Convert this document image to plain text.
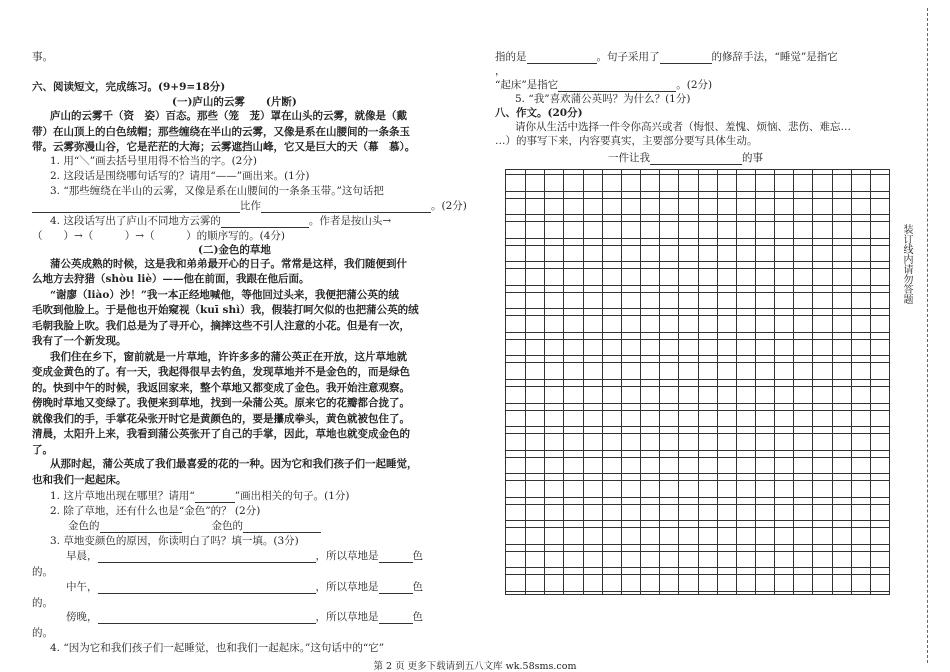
事。
六、阅读短文，完成练习。(9+9=18分)
(一)庐山的云雾　　(片断)
庐山的云雾千（资　姿）百态。那些（笼　茏）罩在山头的云雾，就像是（戴
带）在山顶上的白色绒帽；那些缠绕在半山的云雾，又像是系在山腰间的一条条玉
带。云雾弥漫山谷，它是茫茫的大海；云雾遮挡山峰，它又是巨大的天（幕　慕）。
1. 用“＼”画去括号里用得不恰当的字。(2分)
2. 这段话是围绕哪句话写的？请用“——”画出来。(1分)
3. “那些缠绕在半山的云雾，又像是系在山腰间的一条条玉带。”这句话把
比作	。(2分)
4. 这段话写出了庐山不同地方云雾的	。作者是按山头→
（　　）→（　　　）→（　　　）的顺序写的。(4分)
(二)金色的草地
蒲公英成熟的时候，这是我和弟弟最开心的日子。常常是这样，我们随便到什
么地方去狩猎（shòu liè）——他在前面，我跟在他后面。
“谢廖（liào）沙！”我一本正经地喊他，等他回过头来，我便把蒲公英的绒
毛吹到他脸上。于是他也开始窥视（kuī shì）我，假装打呵欠似的也把蒲公英的绒
毛朝我脸上吹。我们总是为了寻开心，摘摔这些不引人注意的小花。但是有一次，
我有了一个新发现。
我们住在乡下，窗前就是一片草地，许许多多的蒲公英正在开放，这片草地就
变成金黄色的了。有一天，我起得很早去钓鱼，发现草地并不是金色的，而是绿色
的。快到中午的时候，我返回家来，整个草地又都变成了金色。我开始注意观察。
傍晚时草地又变绿了。我便来到草地，找到一朵蒲公英。原来它的花瓣都合拢了。
就像我们的手，手掌花朵张开时它是黄颜色的，要是攥成拳头，黄色就被包住了。
清晨，太阳升上来，我看到蒲公英张开了自己的手掌，因此，草地也就变成金色的
了。
从那时起，蒲公英成了我们最喜爱的花的一种。因为它和我们孩子们一起睡觉，
也和我们一起起床。
1. 这片草地出现在哪里？请用“	”画出相关的句子。(1分)
2. 除了草地，还有什么也是“金色”的？ (2分)
金色的	金色的
3. 草地变颜色的原因，你读明白了吗？填一填。(3分)
早晨，	，所以草地是	色
的。
中午，	，所以草地是	色
的。
傍晚，	，所以草地是	色
的。
4. “因为它和我们孩子们一起睡觉，也和我们一起起床。”这句话中的“它”
指的是	。句子采用了	的修辞手法，“睡觉”是指它
，
“起床”是指它	。(2分)
5. “我”喜欢蒲公英吗？为什么？(1分)
八、作文。(20分)
请你从生活中选择一件令你高兴或者（悔恨、羞愧、烦恼、悲伤、难忘…
…）的事写下来，内容要真实，主要部分要写具体生动。
一件让我	的事
装订线内请勿答题
第 2 页 更多下载请到五八文库 wk.58sms.com
